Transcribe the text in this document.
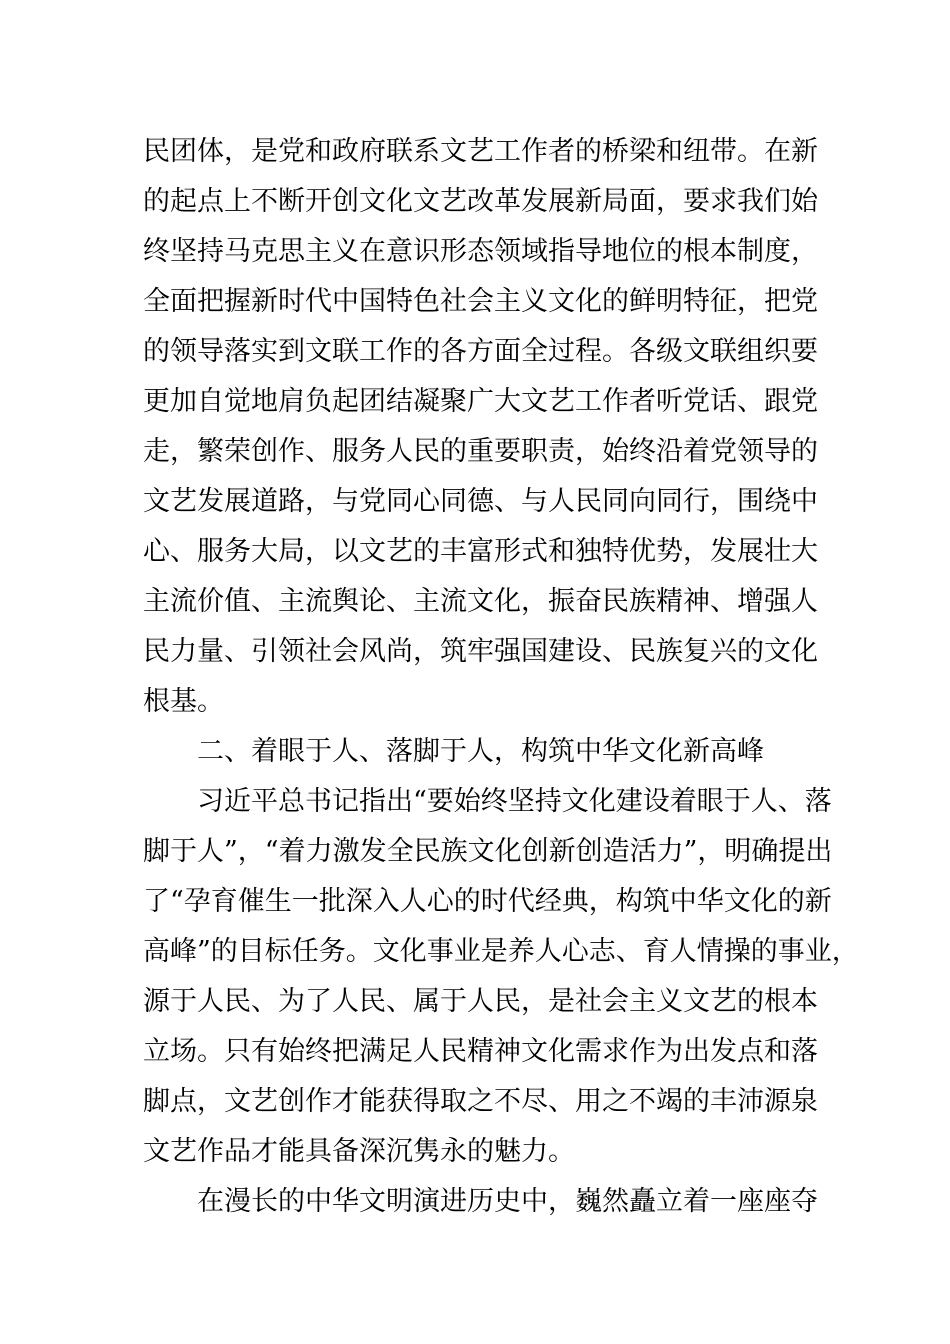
民团体，是党和政府联系文艺工作者的桥梁和纽带。在新
的起点上不断开创文化文艺改革发展新局面，要求我们始
终坚持马克思主义在意识形态领域指导地位的根本制度，
全面把握新时代中国特色社会主义文化的鲜明特征，把党
的领导落实到文联工作的各方面全过程。各级文联组织要
更加自觉地肩负起团结凝聚广大文艺工作者听党话、跟党
走，繁荣创作、服务人民的重要职责，始终沿着党领导的
文艺发展道路，与党同心同德、与人民同向同行，围绕中
心、服务大局，以文艺的丰富形式和独特优势，发展壮大
主流价值、主流舆论、主流文化，振奋民族精神、增强人
民力量、引领社会风尚，筑牢强国建设、民族复兴的文化
根基。
二、着眼于人、落脚于人，构筑中华文化新高峰
习近平总书记指出“要始终坚持文化建设着眼于人、落
脚于人”，“着力激发全民族文化创新创造活力”，明确提出
了“孕育催生一批深入人心的时代经典，构筑中华文化的新
高峰”的目标任务。文化事业是养人心志、育人情操的事业，
源于人民、为了人民、属于人民，是社会主义文艺的根本
立场。只有始终把满足人民精神文化需求作为出发点和落
脚点，文艺创作才能获得取之不尽、用之不竭的丰沛源泉
文艺作品才能具备深沉隽永的魅力。
在漫长的中华文明演进历史中，巍然矗立着一座座夺
